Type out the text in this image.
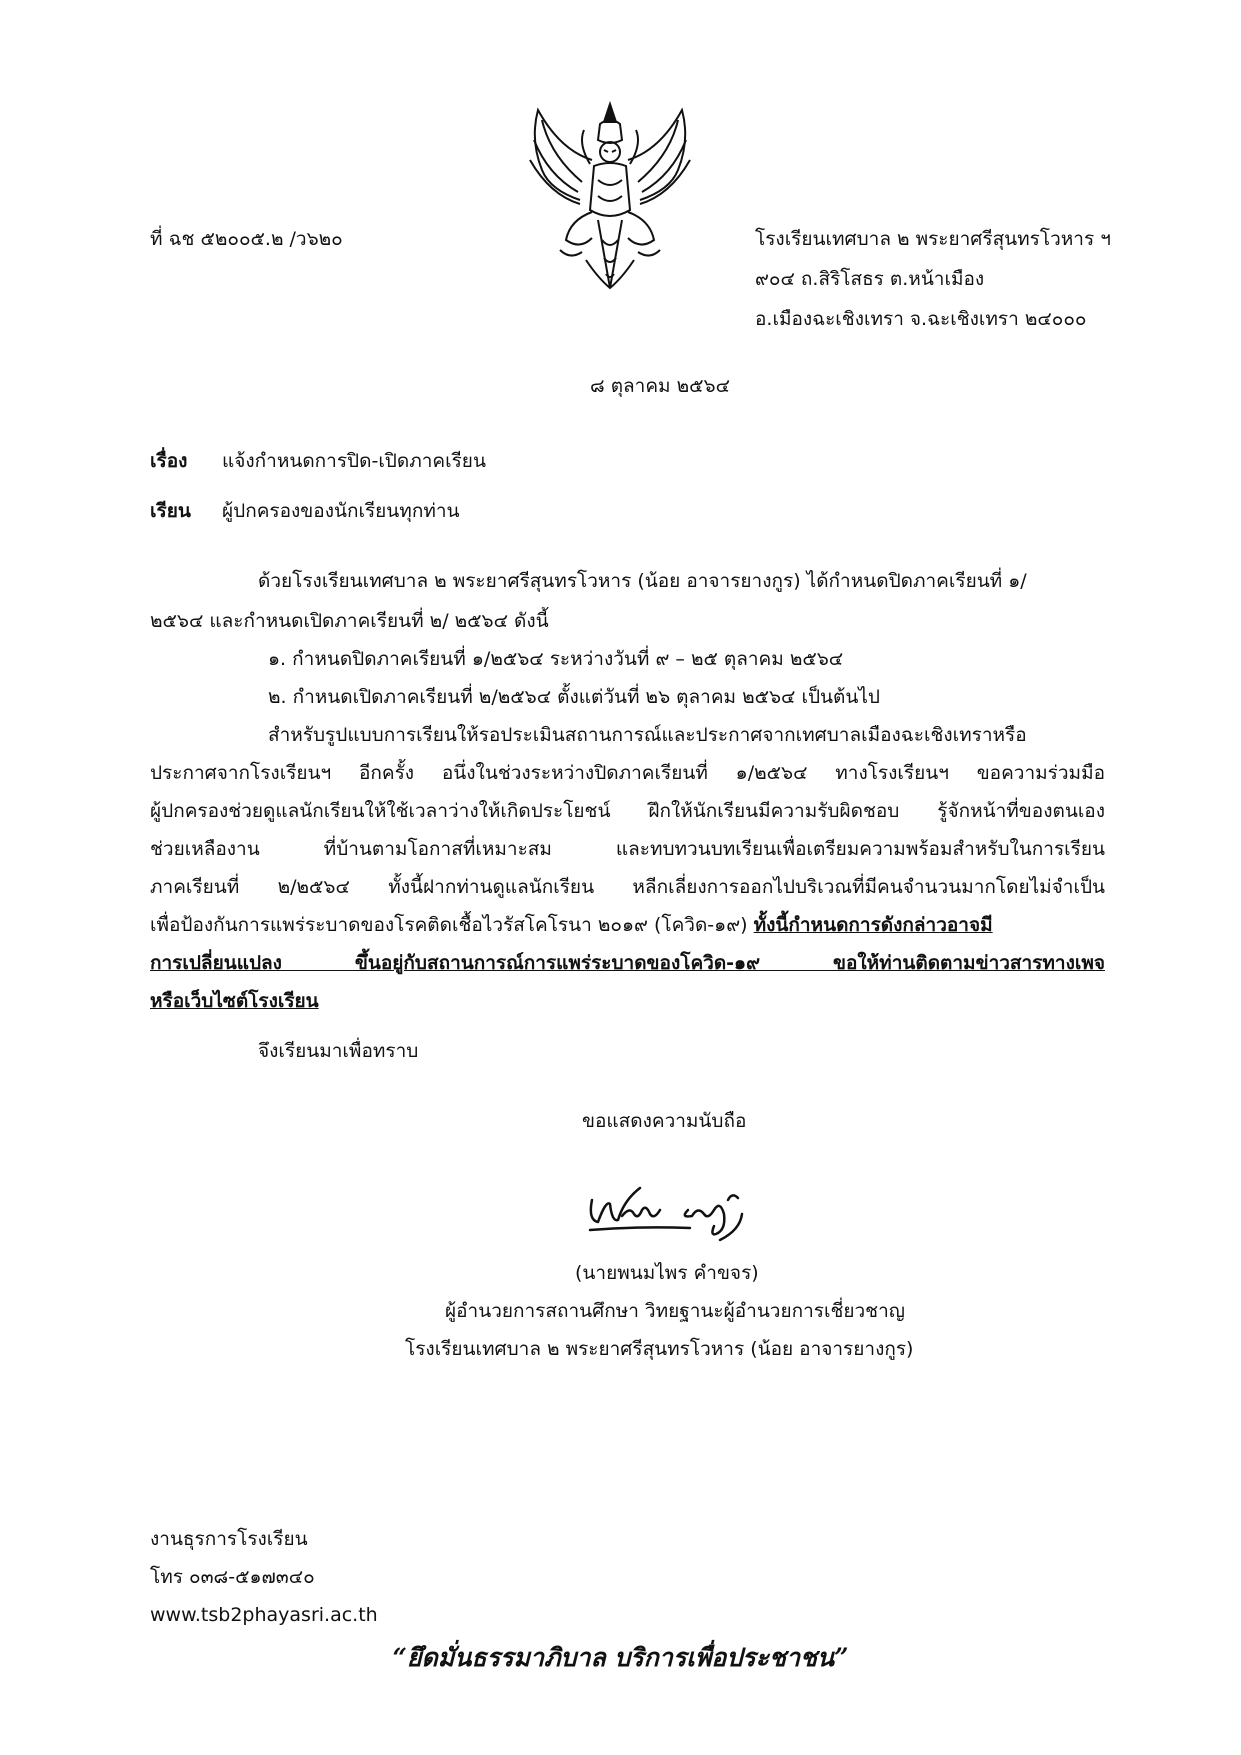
ที่ ฉช ๕๒๐๐๕.๒ /ว๖๒๐	โรงเรียนเทศบาล ๒ พระยาศรีสุนทรโวหาร ฯ
๙๐๔ ถ.สิริโสธร ต.หน้าเมือง
อ.เมืองฉะเชิงเทรา จ.ฉะเชิงเทรา ๒๔๐๐๐
๘ ตุลาคม ๒๕๖๔
เรื่อง แจ้งกำหนดการปิด-เปิดภาคเรียน
เรียน ผู้ปกครองของนักเรียนทุกท่าน
ด้วยโรงเรียนเทศบาล ๒ พระยาศรีสุนทรโวหาร (น้อย อาจารยางกูร) ได้กำหนดปิดภาคเรียนที่ ๑/
๒๕๖๔ และกำหนดเปิดภาคเรียนที่ ๒/ ๒๕๖๔ ดังนี้
๑. กำหนดปิดภาคเรียนที่ ๑/๒๕๖๔ ระหว่างวันที่ ๙ – ๒๕ ตุลาคม ๒๕๖๔
๒. กำหนดเปิดภาคเรียนที่ ๒/๒๕๖๔ ตั้งแต่วันที่ ๒๖ ตุลาคม ๒๕๖๔ เป็นต้นไป
สำหรับรูปแบบการเรียนให้รอประเมินสถานการณ์และประกาศจากเทศบาลเมืองฉะเชิงเทราหรือ
ประกาศจากโรงเรียนฯ อีกครั้ง อนึ่งในช่วงระหว่างปิดภาคเรียนที่ ๑/๒๕๖๔ ทางโรงเรียนฯ ขอความร่วมมือ
ผู้ปกครองช่วยดูแลนักเรียนให้ใช้เวลาว่างให้เกิดประโยชน์ ฝึกให้นักเรียนมีความรับผิดชอบ รู้จักหน้าที่ของตนเอง
ช่วยเหลืองาน ที่บ้านตามโอกาสที่เหมาะสม และทบทวนบทเรียนเพื่อเตรียมความพร้อมสำหรับในการเรียน
ภาคเรียนที่ ๒/๒๕๖๔ ทั้งนี้ฝากท่านดูแลนักเรียน หลีกเลี่ยงการออกไปบริเวณที่มีคนจำนวนมากโดยไม่จำเป็น
เพื่อป้องกันการแพร่ระบาดของโรคติดเชื้อไวรัสโคโรนา ๒๐๑๙ (โควิด-๑๙) ทั้งนี้กำหนดการดังกล่าวอาจมี
การเปลี่ยนแปลง ขึ้นอยู่กับสถานการณ์การแพร่ระบาดของโควิด-๑๙ ขอให้ท่านติดตามข่าวสารทางเพจ
หรือเว็บไซต์โรงเรียน
จึงเรียนมาเพื่อทราบ
ขอแสดงความนับถือ
(นายพนมไพร คำขจร)
ผู้อำนวยการสถานศึกษา วิทยฐานะผู้อำนวยการเชี่ยวชาญ
โรงเรียนเทศบาล ๒ พระยาศรีสุนทรโวหาร (น้อย อาจารยางกูร)
งานธุรการโรงเรียน
โทร ๐๓๘-๕๑๗๓๔๐
www.tsb2phayasri.ac.th
“ยึดมั่นธรรมาภิบาล บริการเพื่อประชาชน”
